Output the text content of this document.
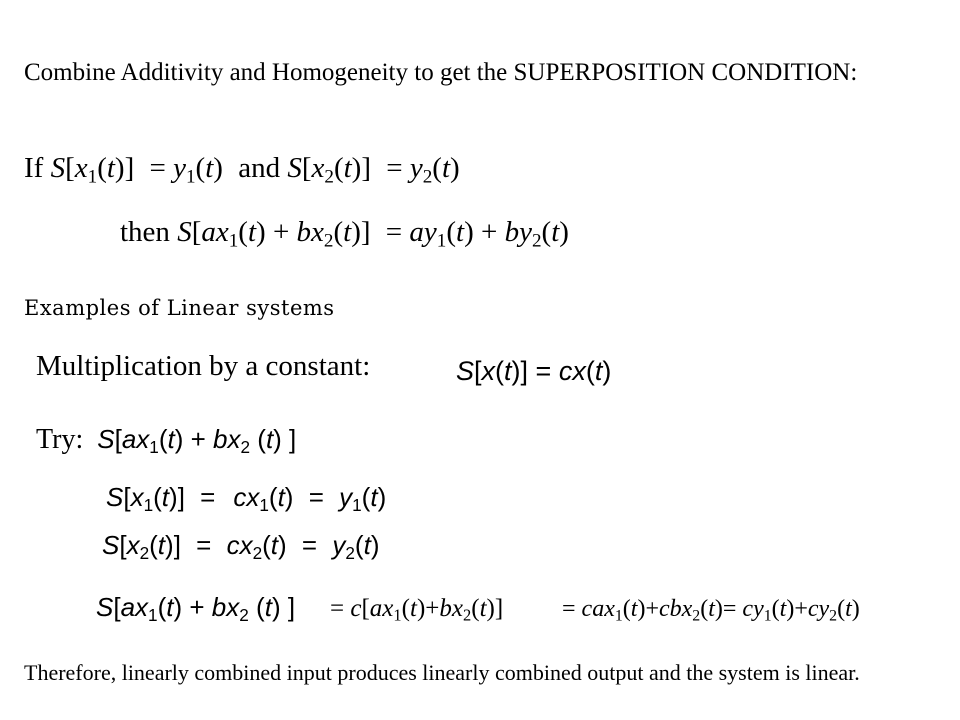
Combine Additivity and Homogeneity to get the SUPERPOSITION CONDITION:
If $S[x_1(t)] = y_1(t)$ and $S[x_2(t)] = y_2(t)$
then $S[ax_1(t) + bx_2(t)] = ay_1(t) + by_2(t)$
Examples of Linear systems
Multiplication by a constant:	S[x(t)] = cx(t)
Try: $S[ax_1(t) + bx_2$ (t) ]
$S[x_1(t)] = cx_1(t) = y_1(t)$
$S[x_2(t)] = cx_2(t) = y_2(t)$
$S[ax_1(t) + bx_2$ (t) ] = $c[ax_1(t)+bx_2(t)] = cax_1(t)+cbx_2(t)= cy_1(t)+cy_2(t)$
Therefore, linearly combined input produces linearly combined output and the system is linear.
